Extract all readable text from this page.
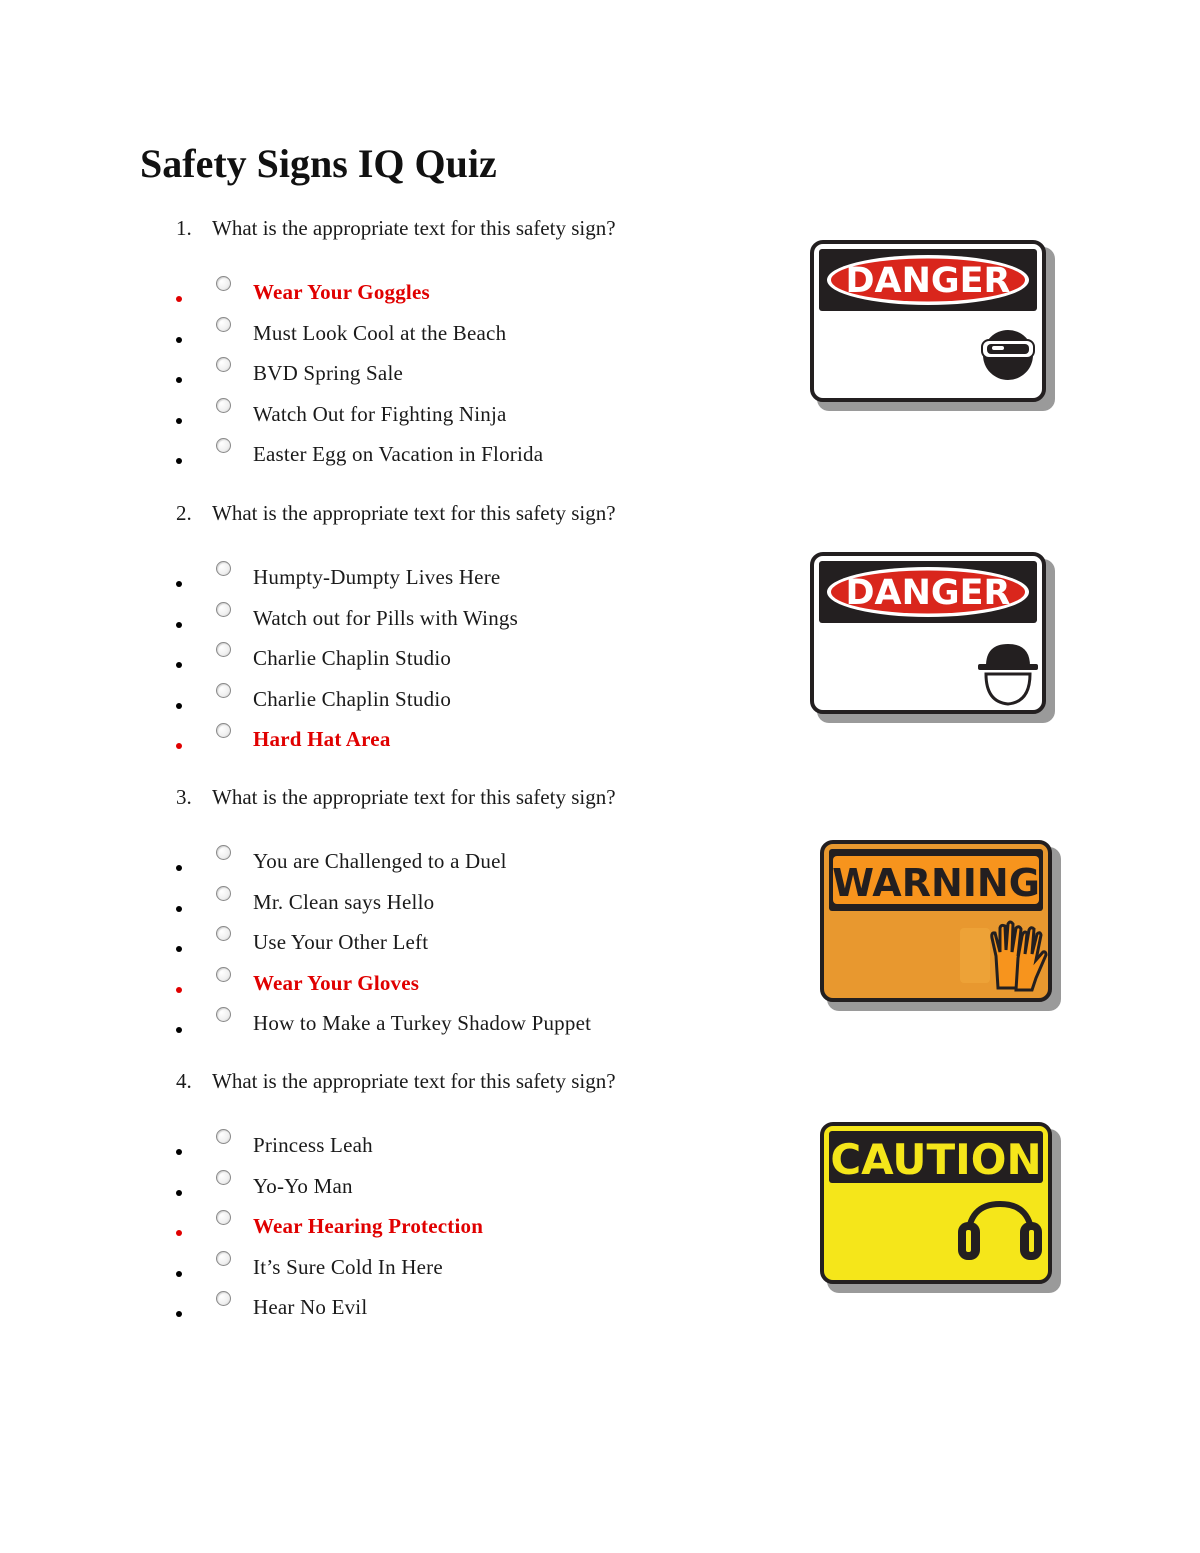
Safety Signs IQ Quiz
1. What is the appropriate text for this safety sign?
Wear Your Goggles
Must Look Cool at the Beach
BVD Spring Sale
Watch Out for Fighting Ninja
Easter Egg on Vacation in Florida
2. What is the appropriate text for this safety sign?
Humpty-Dumpty Lives Here
Watch out for Pills with Wings
Charlie Chaplin Studio
Charlie Chaplin Studio
Hard Hat Area
3. What is the appropriate text for this safety sign?
You are Challenged to a Duel
Mr. Clean says Hello
Use Your Other Left
Wear Your Gloves
How to Make a Turkey Shadow Puppet
4. What is the appropriate text for this safety sign?
Princess Leah
Yo-Yo Man
Wear Hearing Protection
It’s Sure Cold In Here
Hear No Evil
DANGER
DANGER
WARNING
CAUTION
